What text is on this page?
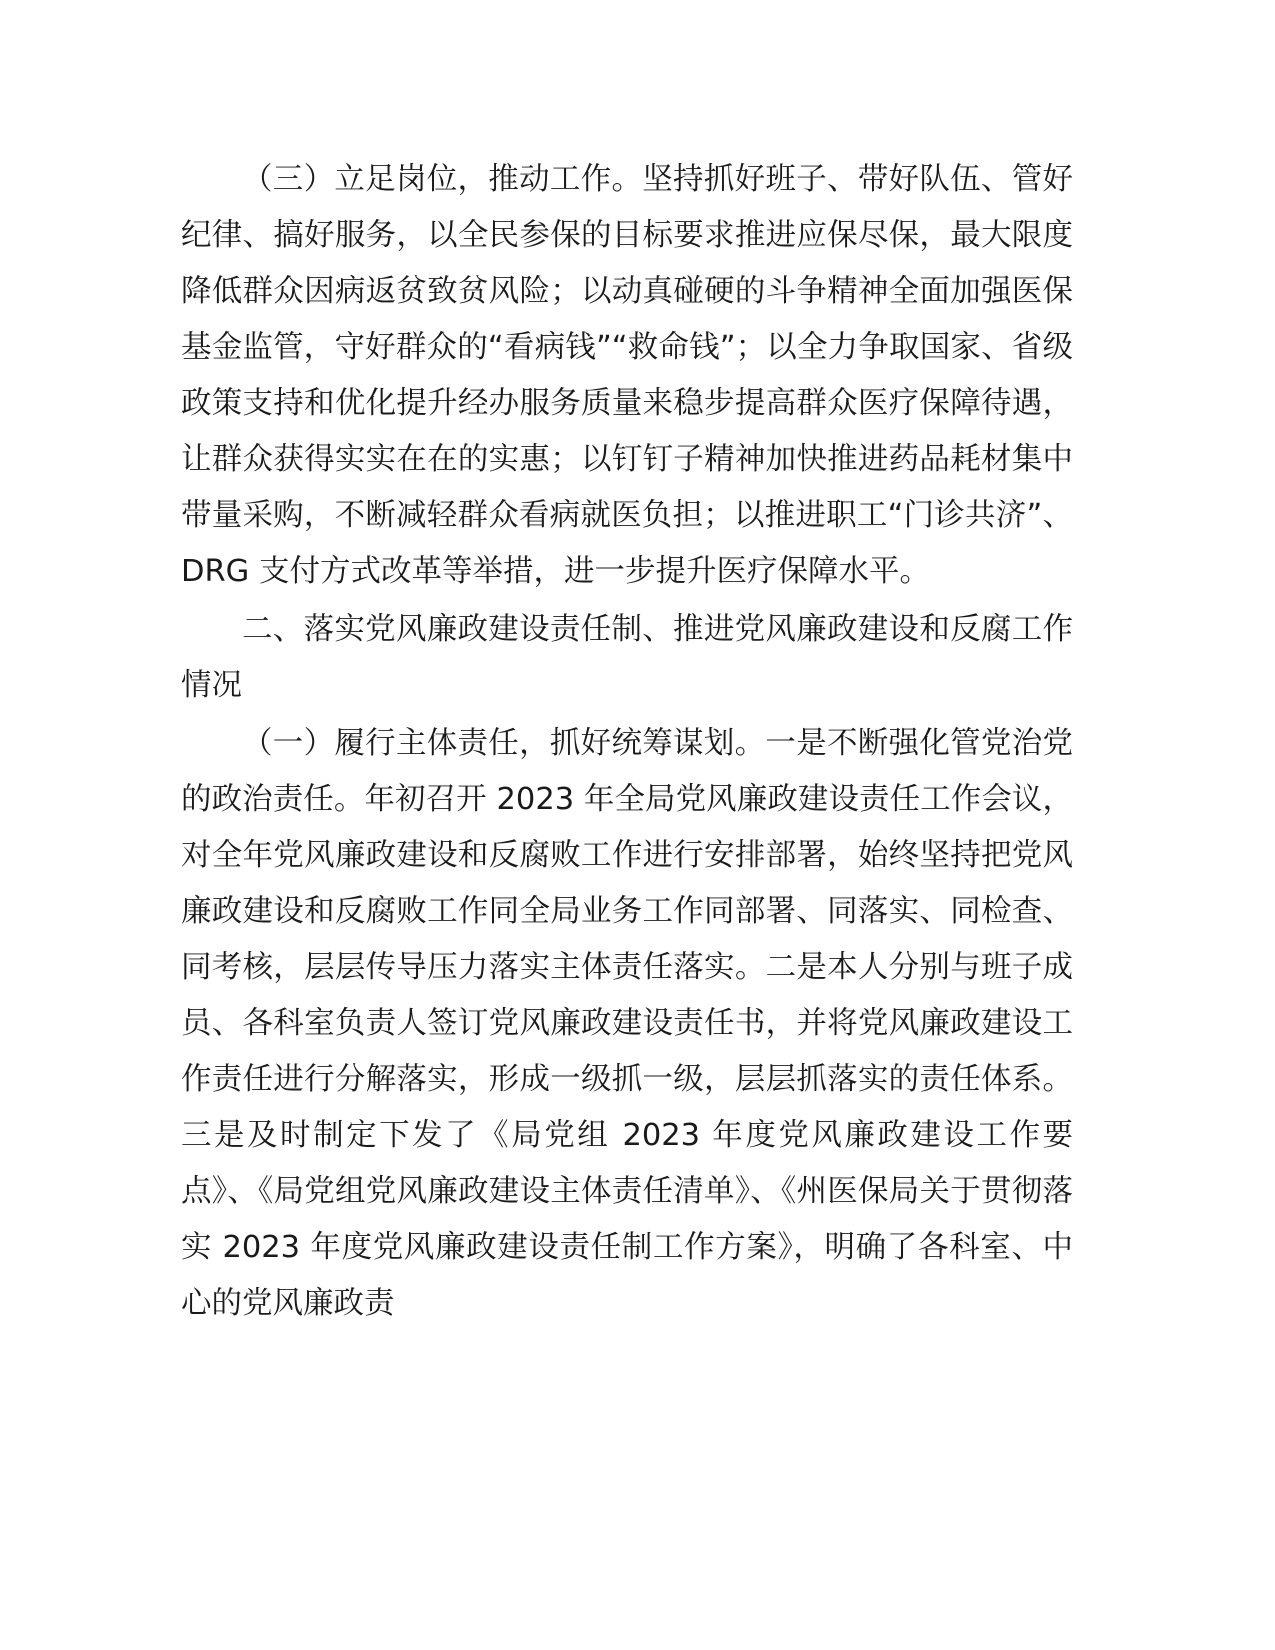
（三）立足岗位，推动工作。坚持抓好班子、带好队伍、管好纪律、搞好服务，以全民参保的目标要求推进应保尽保，最大限度降低群众因病返贫致贫风险；以动真碰硬的斗争精神全面加强医保基金监管，守好群众的“看病钱”“救命钱”；以全力争取国家、省级政策支持和优化提升经办服务质量来稳步提高群众医疗保障待遇，让群众获得实实在在的实惠；以钉钉子精神加快推进药品耗材集中带量采购，不断减轻群众看病就医负担；以推进职工“门诊共济”、DRG 支付方式改革等举措，进一步提升医疗保障水平。

二、落实党风廉政建设责任制、推进党风廉政建设和反腐工作情况

（一）履行主体责任，抓好统筹谋划。一是不断强化管党治党的政治责任。年初召开 2023 年全局党风廉政建设责任工作会议，对全年党风廉政建设和反腐败工作进行安排部署，始终坚持把党风廉政建设和反腐败工作同全局业务工作同部署、同落实、同检查、同考核，层层传导压力落实主体责任落实。二是本人分别与班子成员、各科室负责人签订党风廉政建设责任书，并将党风廉政建设工作责任进行分解落实，形成一级抓一级，层层抓落实的责任体系。三是及时制定下发了《局党组 2023 年度党风廉政建设工作要点》、《局党组党风廉政建设主体责任清单》、《州医保局关于贯彻落实 2023 年度党风廉政建设责任制工作方案》，明确了各科室、中心的党风廉政责
